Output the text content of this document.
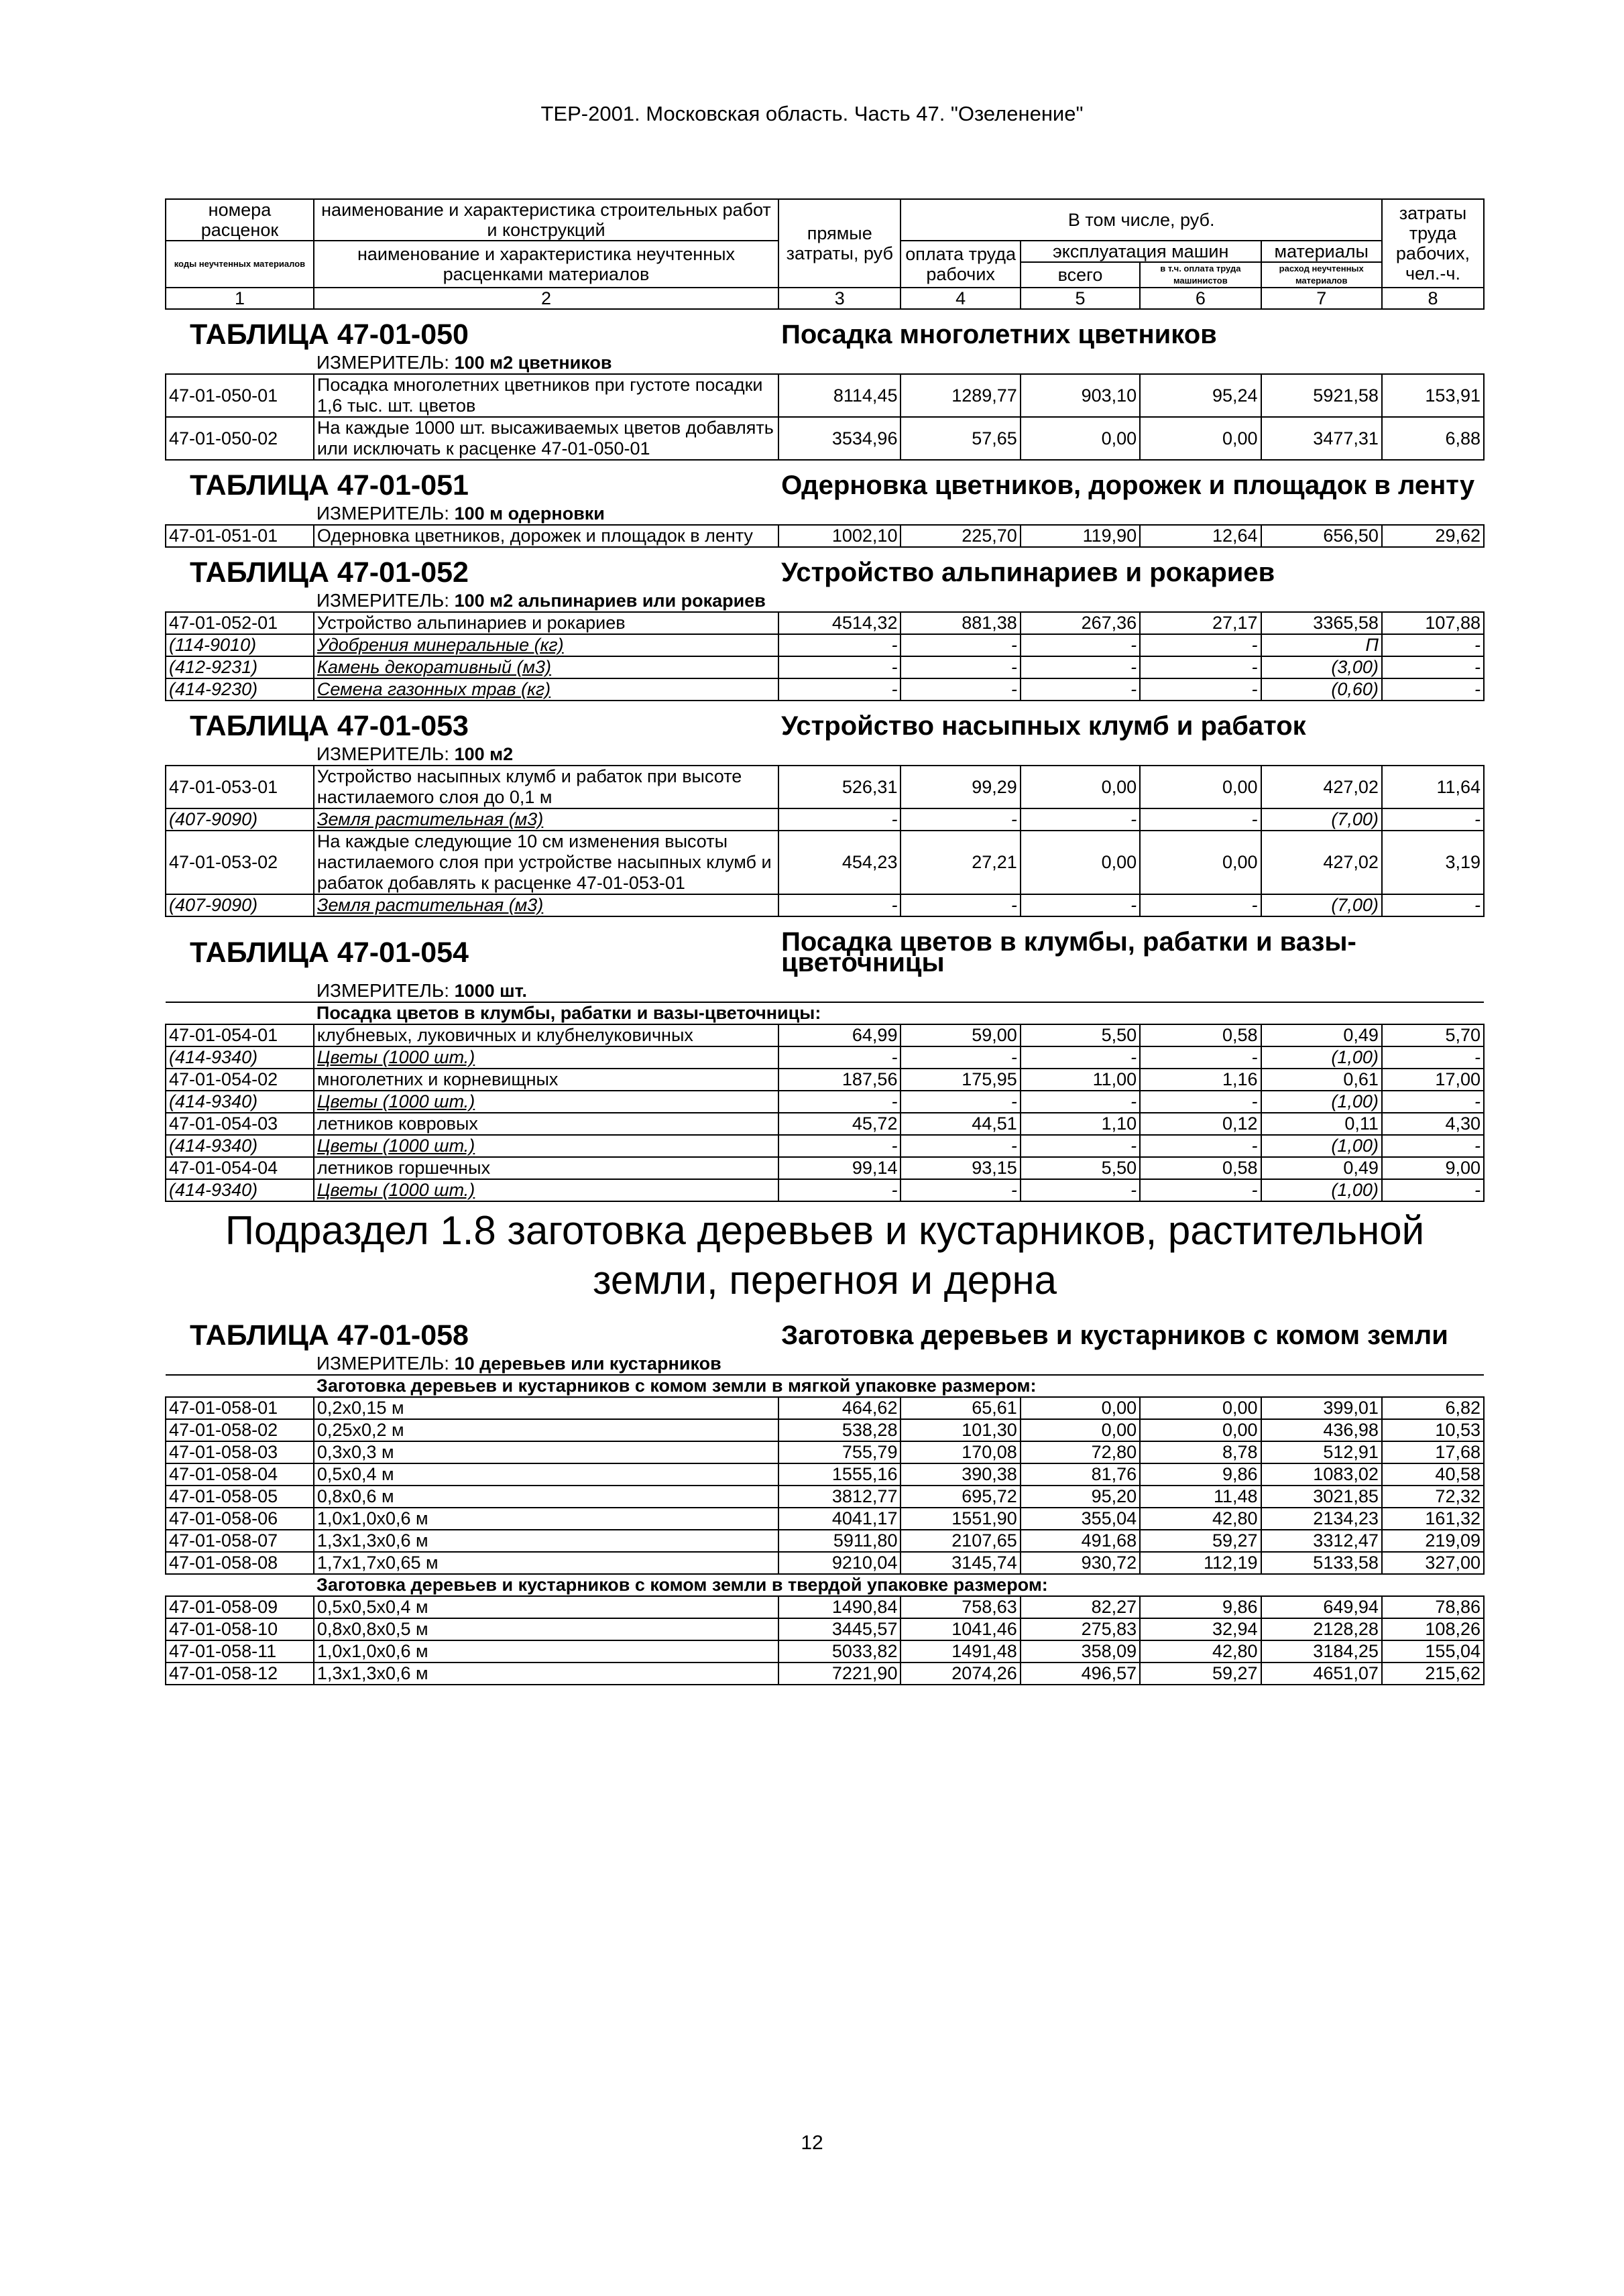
ТЕР-2001. Московская область. Часть 47. "Озеленение"
номера расценок	наименование и характеристика строительных работ и конструкций	прямые затраты, руб	В том числе, руб.				затраты труда рабочих, чел.-ч.
коды неучтенных материалов	наименование и характеристика неучтенных расценками материалов		оплата труда рабочих	эксплуатация машин		материалы	
				всего	в т.ч. оплата труда машинистов	расход неучтенных материалов	
1	2	3	4	5	6	7	8
ТАБЛИЦА 47-01-050		Посадка многолетних цветников					
	ИЗМЕРИТЕЛЬ: 100 м2 цветников						
47-01-050-01	Посадка многолетних цветников при густоте посадки 1,6 тыс. шт. цветов	8114,45	1289,77	903,10	95,24	5921,58	153,91
47-01-050-02	На каждые 1000 шт. высаживаемых цветов добавлять или исключать к расценке 47-01-050-01	3534,96	57,65	0,00	0,00	3477,31	6,88
ТАБЛИЦА 47-01-051		Одерновка цветников, дорожек и площадок в ленту					
	ИЗМЕРИТЕЛЬ: 100 м одерновки						
47-01-051-01	Одерновка цветников, дорожек и площадок в ленту	1002,10	225,70	119,90	12,64	656,50	29,62
ТАБЛИЦА 47-01-052		Устройство альпинариев и рокариев					
	ИЗМЕРИТЕЛЬ: 100 м2 альпинариев или рокариев						
47-01-052-01	Устройство альпинариев и рокариев	4514,32	881,38	267,36	27,17	3365,58	107,88
(114-9010)	Удобрения минеральные (кг)	-	-	-	-	П	-
(412-9231)	Камень декоративный (м3)	-	-	-	-	(3,00)	-
(414-9230)	Семена газонных трав (кг)	-	-	-	-	(0,60)	-
ТАБЛИЦА 47-01-053		Устройство насыпных клумб и рабаток					
	ИЗМЕРИТЕЛЬ: 100 м2						
47-01-053-01	Устройство насыпных клумб и рабаток при высоте настилаемого слоя до 0,1 м	526,31	99,29	0,00	0,00	427,02	11,64
(407-9090)	Земля растительная (м3)	-	-	-	-	(7,00)	-
47-01-053-02	На каждые следующие 10 см изменения высоты настилаемого слоя при устройстве насыпных клумб и рабаток добавлять к расценке 47-01-053-01	454,23	27,21	0,00	0,00	427,02	3,19
(407-9090)	Земля растительная (м3)	-	-	-	-	(7,00)	-
ТАБЛИЦА 47-01-054		Посадка цветов в клумбы, рабатки и вазы-цветочницы					
	ИЗМЕРИТЕЛЬ: 1000 шт.						
	Посадка цветов в клумбы, рабатки и вазы-цветочницы:						
47-01-054-01	клубневых, луковичных и клубнелуковичных	64,99	59,00	5,50	0,58	0,49	5,70
(414-9340)	Цветы (1000 шт.)	-	-	-	-	(1,00)	-
47-01-054-02	многолетних и корневищных	187,56	175,95	11,00	1,16	0,61	17,00
(414-9340)	Цветы (1000 шт.)	-	-	-	-	(1,00)	-
47-01-054-03	летников ковровых	45,72	44,51	1,10	0,12	0,11	4,30
(414-9340)	Цветы (1000 шт.)	-	-	-	-	(1,00)	-
47-01-054-04	летников горшечных	99,14	93,15	5,50	0,58	0,49	9,00
(414-9340)	Цветы (1000 шт.)	-	-	-	-	(1,00)	-
Подраздел 1.8 заготовка деревьев и кустарников, растительной земли, перегноя и дерна							
ТАБЛИЦА 47-01-058		Заготовка деревьев и кустарников с комом земли					
	ИЗМЕРИТЕЛЬ: 10 деревьев или кустарников						
	Заготовка деревьев и кустарников с комом земли в мягкой упаковке размером:						
47-01-058-01	0,2х0,15 м	464,62	65,61	0,00	0,00	399,01	6,82
47-01-058-02	0,25х0,2 м	538,28	101,30	0,00	0,00	436,98	10,53
47-01-058-03	0,3х0,3 м	755,79	170,08	72,80	8,78	512,91	17,68
47-01-058-04	0,5х0,4 м	1555,16	390,38	81,76	9,86	1083,02	40,58
47-01-058-05	0,8х0,6 м	3812,77	695,72	95,20	11,48	3021,85	72,32
47-01-058-06	1,0х1,0х0,6 м	4041,17	1551,90	355,04	42,80	2134,23	161,32
47-01-058-07	1,3х1,3х0,6 м	5911,80	2107,65	491,68	59,27	3312,47	219,09
47-01-058-08	1,7х1,7х0,65 м	9210,04	3145,74	930,72	112,19	5133,58	327,00
	Заготовка деревьев и кустарников с комом земли в твердой упаковке размером:						
47-01-058-09	0,5х0,5х0,4 м	1490,84	758,63	82,27	9,86	649,94	78,86
47-01-058-10	0,8х0,8х0,5 м	3445,57	1041,46	275,83	32,94	2128,28	108,26
47-01-058-11	1,0х1,0х0,6 м	5033,82	1491,48	358,09	42,80	3184,25	155,04
47-01-058-12	1,3х1,3х0,6 м	7221,90	2074,26	496,57	59,27	4651,07	215,62
12
